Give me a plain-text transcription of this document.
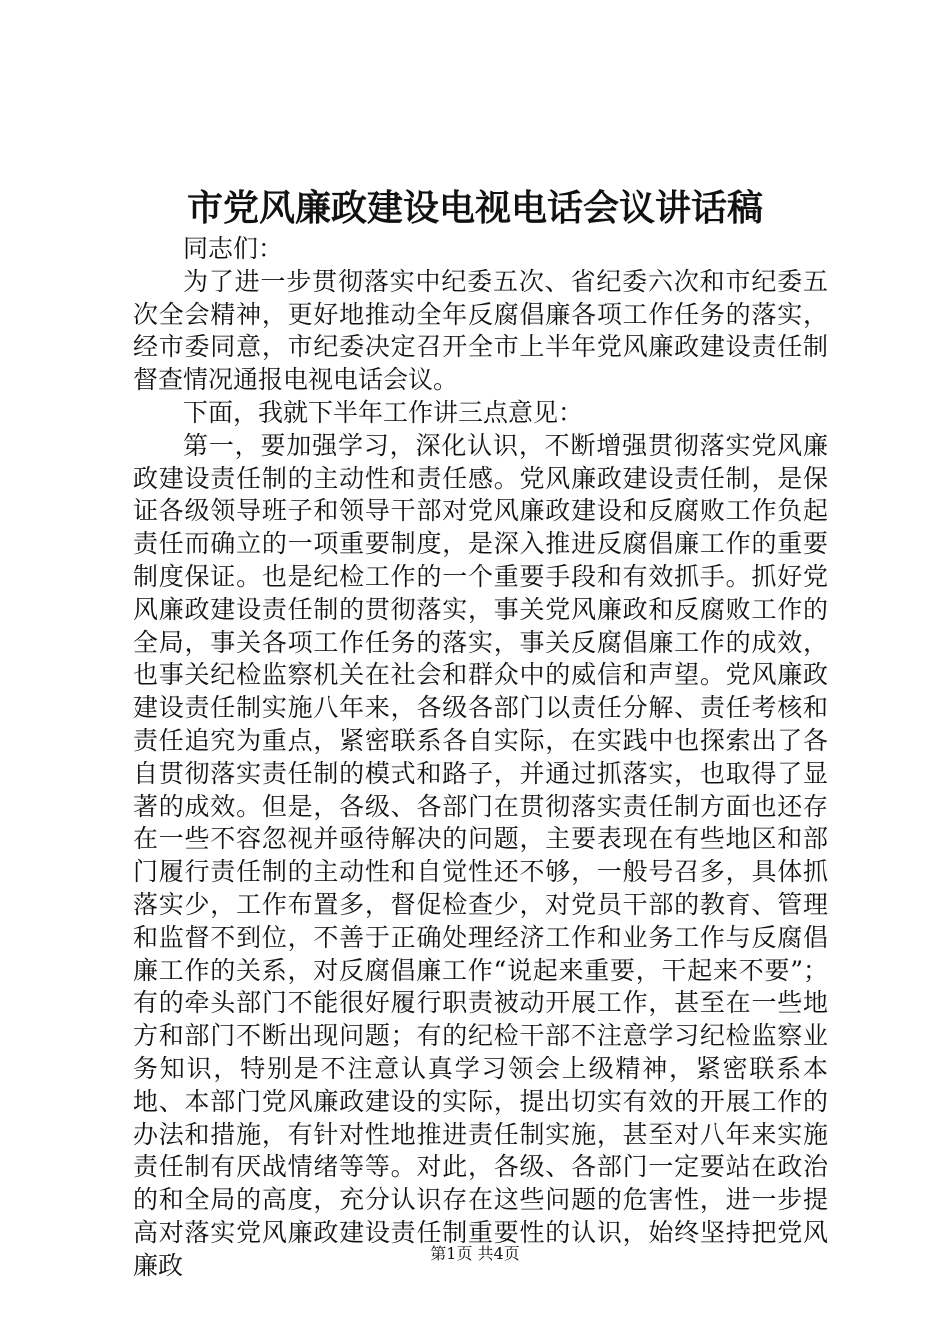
市党风廉政建设电视电话会议讲话稿

同志们：

为了进一步贯彻落实中纪委五次、省纪委六次和市纪委五次全会精神，更好地推动全年反腐倡廉各项工作任务的落实，经市委同意，市纪委决定召开全市上半年党风廉政建设责任制督查情况通报电视电话会议。

下面，我就下半年工作讲三点意见：

第一，要加强学习，深化认识，不断增强贯彻落实党风廉政建设责任制的主动性和责任感。党风廉政建设责任制，是保证各级领导班子和领导干部对党风廉政建设和反腐败工作负起责任而确立的一项重要制度，是深入推进反腐倡廉工作的重要制度保证。也是纪检工作的一个重要手段和有效抓手。抓好党风廉政建设责任制的贯彻落实，事关党风廉政和反腐败工作的全局，事关各项工作任务的落实，事关反腐倡廉工作的成效，也事关纪检监察机关在社会和群众中的威信和声望。党风廉政建设责任制实施八年来，各级各部门以责任分解、责任考核和责任追究为重点，紧密联系各自实际，在实践中也探索出了各自贯彻落实责任制的模式和路子，并通过抓落实，也取得了显著的成效。但是，各级、各部门在贯彻落实责任制方面也还存在一些不容忽视并亟待解决的问题，主要表现在有些地区和部门履行责任制的主动性和自觉性还不够，一般号召多，具体抓落实少，工作布置多，督促检查少，对党员干部的教育、管理和监督不到位，不善于正确处理经济工作和业务工作与反腐倡廉工作的关系，对反腐倡廉工作“说起来重要，干起来不要”；有的牵头部门不能很好履行职责被动开展工作，甚至在一些地方和部门不断出现问题；有的纪检干部不注意学习纪检监察业务知识，特别是不注意认真学习领会上级精神，紧密联系本地、本部门党风廉政建设的实际，提出切实有效的开展工作的办法和措施，有针对性地推进责任制实施，甚至对八年来实施责任制有厌战情绪等等。对此，各级、各部门一定要站在政治的和全局的高度，充分认识存在这些问题的危害性，进一步提高对落实党风廉政建设责任制重要性的认识，始终坚持把党风廉政	第1页 共4页
